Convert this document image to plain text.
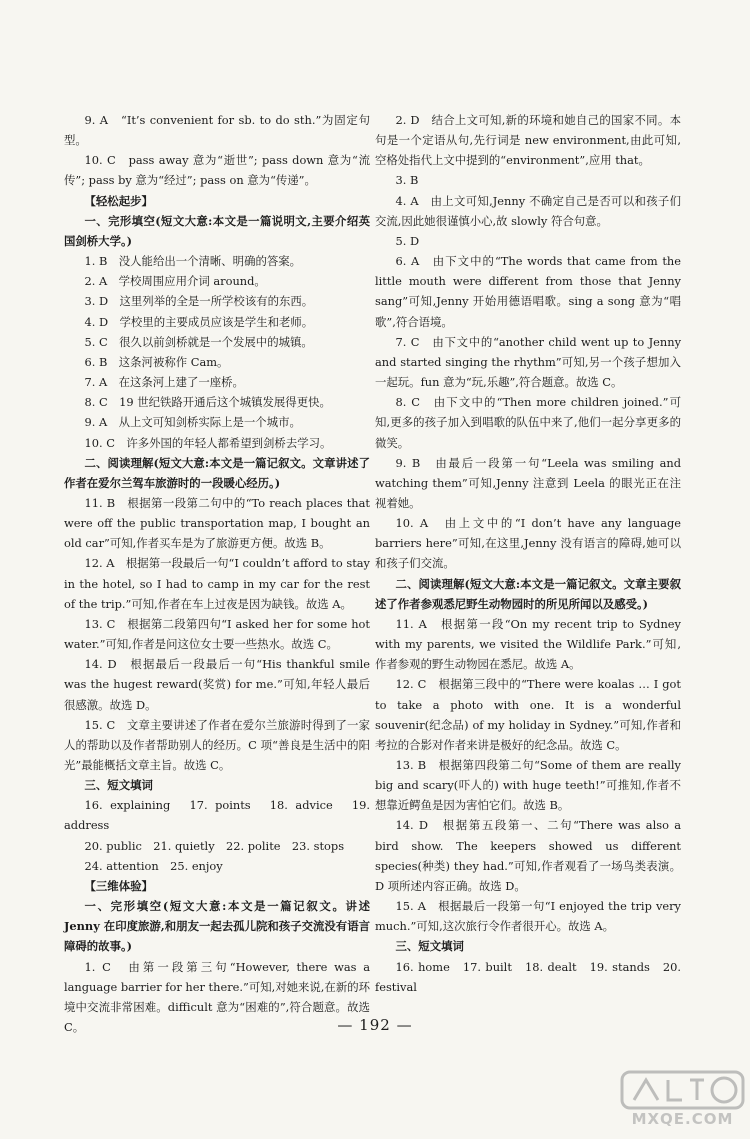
9. A　“It’s convenient for sb. to do sth.”为固定句型。

10. C　pass away 意为“逝世”; pass down 意为“流传”; pass by 意为“经过”; pass on 意为“传递”。

【轻松起步】

一、完形填空(短文大意:本文是一篇说明文,主要介绍英国剑桥大学。)

1. B　没人能给出一个清晰、明确的答案。

2. A　学校周围应用介词 around。

3. D　这里列举的全是一所学校该有的东西。

4. D　学校里的主要成员应该是学生和老师。

5. C　很久以前剑桥就是一个发展中的城镇。

6. B　这条河被称作 Cam。

7. A　在这条河上建了一座桥。

8. C　19 世纪铁路开通后这个城镇发展得更快。

9. A　从上文可知剑桥实际上是一个城市。

10. C　许多外国的年轻人都希望到剑桥去学习。

二、阅读理解(短文大意:本文是一篇记叙文。文章讲述了作者在爱尔兰驾车旅游时的一段暖心经历。)

11. B　根据第一段第二句中的“To reach places that were off the public transportation map, I bought an old car”可知,作者买车是为了旅游更方便。故选 B。

12. A　根据第一段最后一句“I couldn’t afford to stay in the hotel, so I had to camp in my car for the rest of the trip.”可知,作者在车上过夜是因为缺钱。故选 A。

13. C　根据第二段第四句“I asked her for some hot water.”可知,作者是问这位女士要一些热水。故选 C。

14. D　根据最后一段最后一句“His thankful smile was the hugest reward(奖赏) for me.”可知,年轻人最后很感激。故选 D。

15. C　文章主要讲述了作者在爱尔兰旅游时得到了一家人的帮助以及作者帮助别人的经历。C 项“善良是生活中的阳光”最能概括文章主旨。故选 C。

三、短文填词

16. explaining　17. points　18. advice　19. address

20. public　21. quietly　22. polite　23. stops

24. attention　25. enjoy

【三维体验】

一、完形填空(短文大意:本文是一篇记叙文。讲述 Jenny 在印度旅游,和朋友一起去孤儿院和孩子交流没有语言障碍的故事。)

1. C　由第一段第三句“However, there was a language barrier for her there.”可知,对她来说,在新的环境中交流非常困难。difficult 意为“困难的”,符合题意。故选 C。

2. D　结合上文可知,新的环境和她自己的国家不同。本句是一个定语从句,先行词是 new environment,由此可知,空格处指代上文中提到的“environment”,应用 that。

3. B

4. A　由上文可知,Jenny 不确定自己是否可以和孩子们交流,因此她很谨慎小心,故 slowly 符合句意。

5. D

6. A　由下文中的“The words that came from the little mouth were different from those that Jenny sang”可知,Jenny 开始用德语唱歌。sing a song 意为“唱歌”,符合语境。

7. C　由下文中的“another child went up to Jenny and started singing the rhythm”可知,另一个孩子想加入一起玩。fun 意为“玩,乐趣”,符合题意。故选 C。

8. C　由下文中的“Then more children joined.”可知,更多的孩子加入到唱歌的队伍中来了,他们一起分享更多的微笑。

9. B　由最后一段第一句“Leela was smiling and watching them”可知,Jenny 注意到 Leela 的眼光正在注视着她。

10. A　由上文中的“I don’t have any language barriers here”可知,在这里,Jenny 没有语言的障碍,她可以和孩子们交流。

二、阅读理解(短文大意:本文是一篇记叙文。文章主要叙述了作者参观悉尼野生动物园时的所见所闻以及感受。)

11. A　根据第一段“On my recent trip to Sydney with my parents, we visited the Wildlife Park.”可知,作者参观的野生动物园在悉尼。故选 A。

12. C　根据第三段中的“There were koalas … I got to take a photo with one. It is a wonderful souvenir(纪念品) of my holiday in Sydney.”可知,作者和考拉的合影对作者来讲是极好的纪念品。故选 C。

13. B　根据第四段第二句“Some of them are really big and scary(吓人的) with huge teeth!”可推知,作者不想靠近鳄鱼是因为害怕它们。故选 B。

14. D　根据第五段第一、二句“There was also a bird show. The keepers showed us different species(种类) they had.”可知,作者观看了一场鸟类表演。D 项所述内容正确。故选 D。

15. A　根据最后一段第一句“I enjoyed the trip very much.”可知,这次旅行令作者很开心。故选 A。

三、短文填词

16. home　17. built　18. dealt　19. stands　20. festival

— 192 —
MXQE.COM
